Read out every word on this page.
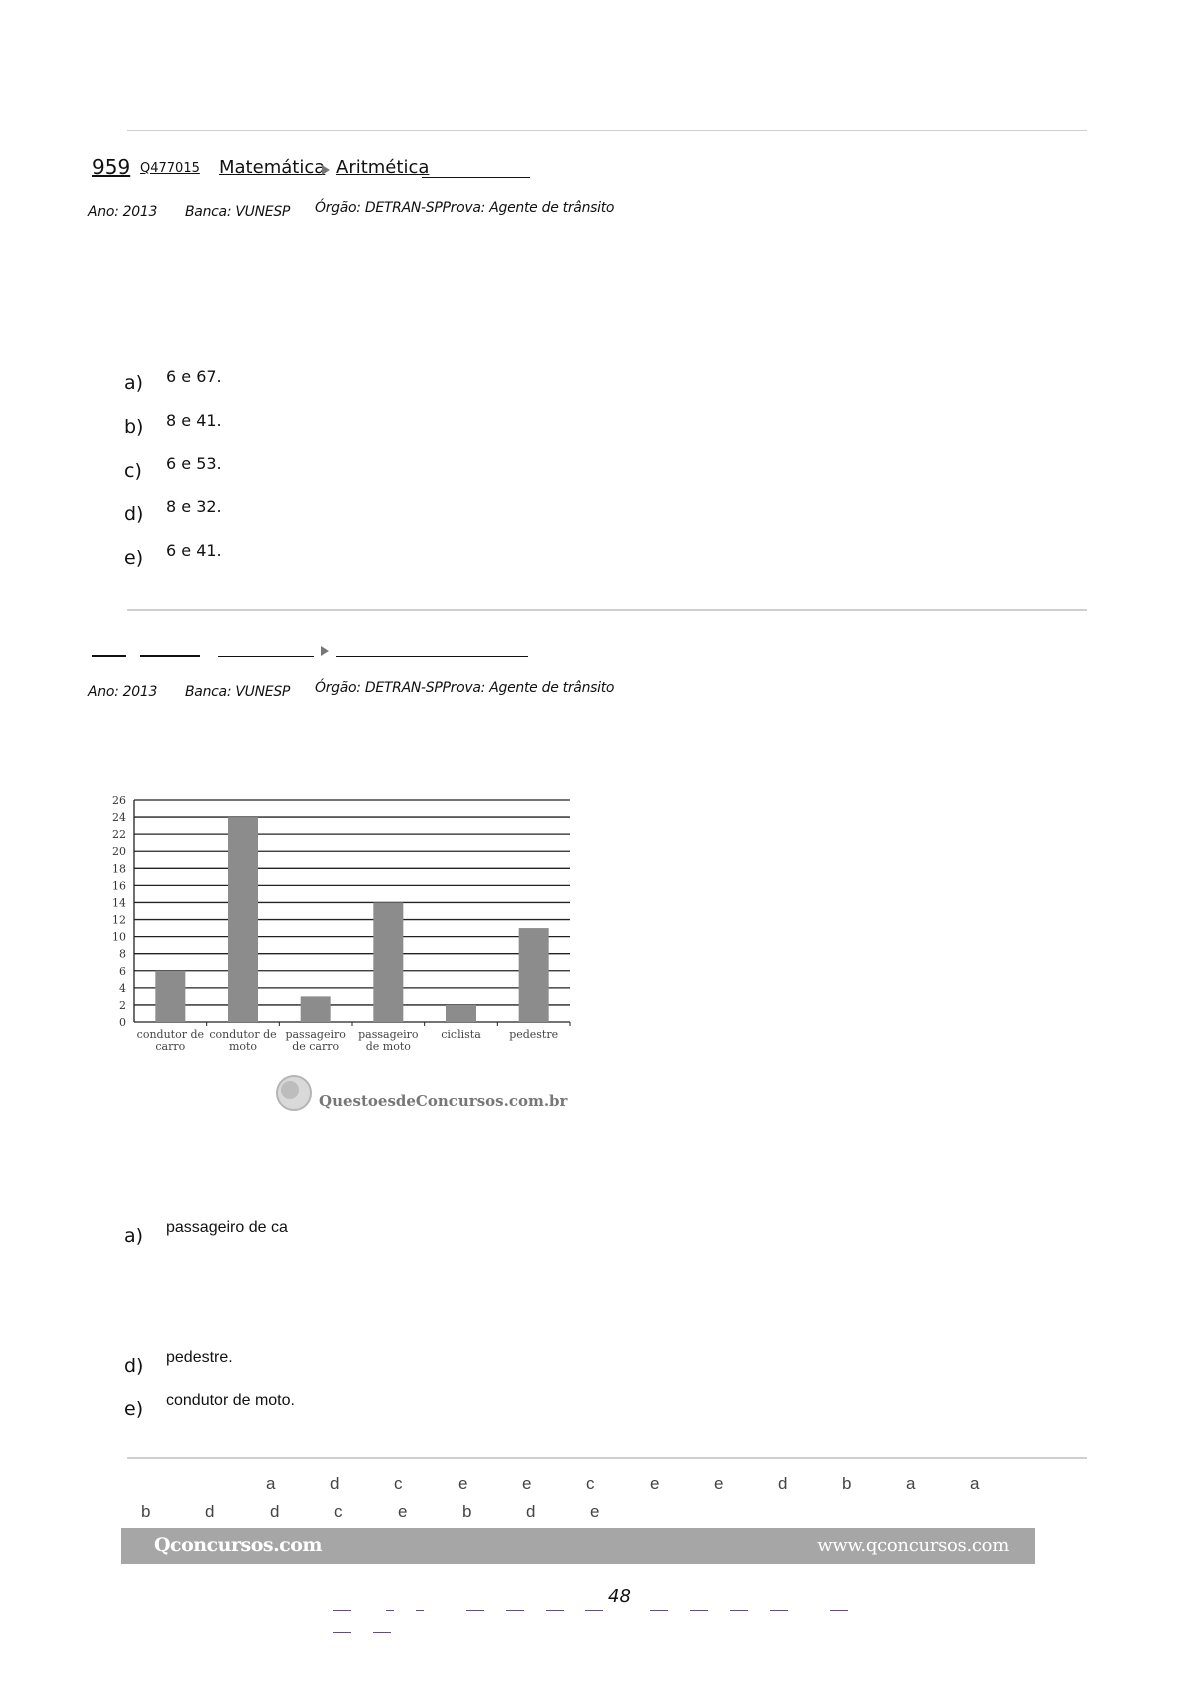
959 Q477015 Matemática Aritmética
Ano: 2013 Banca: VUNESP Órgão: DETRAN-SPProva: Agente de trânsito
a) 6 e 67.
b) 8 e 41.
c) 6 e 53.
d) 8 e 32.
e) 6 e 41.
Ano: 2013 Banca: VUNESP Órgão: DETRAN-SPProva: Agente de trânsito
0
2
4
6
8
10
12
14
16
18
20
22
24
26
condutor de
carro
condutor de
moto
passageiro
de carro
passageiro
de moto
ciclista	pedestre
QuestoesdeConcursos.com.br
a) passageiro de ca
d) pedestre.
e) condutor de moto.
a	d	c	e	e	c	e	e	d	b	a	a
b	d	d	c	e	b	d	e
Qconcursos.com	www.qconcursos.com
48
